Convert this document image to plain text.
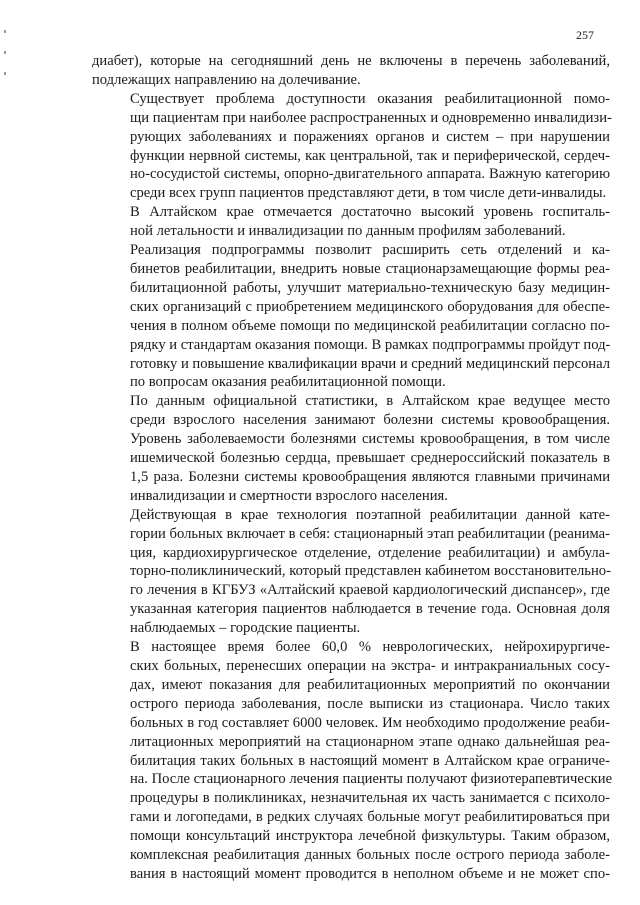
257

диабет), которые на сегодняшний день не включены в перечень заболеваний,
подлежащих направлению на долечивание.

Существует проблема доступности оказания реабилитационной помо-
щи пациентам при наиболее распространенных и одновременно инвалидизи-
рующих заболеваниях и поражениях органов и систем – при нарушении
функции нервной системы, как центральной, так и периферической, сердеч-
но-сосудистой системы, опорно-двигательного аппарата. Важную категорию
среди всех групп пациентов представляют дети, в том числе дети-инвалиды.

В Алтайском крае отмечается достаточно высокий уровень госпиталь-
ной летальности и инвалидизации по данным профилям заболеваний.

Реализация подпрограммы позволит расширить сеть отделений и ка-
бинетов реабилитации, внедрить новые стационарзамещающие формы реа-
билитационной работы, улучшит материально-техническую базу медицин-
ских организаций с приобретением медицинского оборудования для обеспе-
чения в полном объеме помощи по медицинской реабилитации согласно по-
рядку и стандартам оказания помощи. В рамках подпрограммы пройдут под-
готовку и повышение квалификации врачи и средний медицинский персонал
по вопросам оказания реабилитационной помощи.

По данным официальной статистики, в Алтайском крае ведущее место
среди взрослого населения занимают болезни системы кровообращения.
Уровень заболеваемости болезнями системы кровообращения, в том числе
ишемической болезнью сердца, превышает среднероссийский показатель в
1,5 раза. Болезни системы кровообращения являются главными причинами
инвалидизации и смертности взрослого населения.

Действующая в крае технология поэтапной реабилитации данной кате-
гории больных включает в себя: стационарный этап реабилитации (реанима-
ция, кардиохирургическое отделение, отделение реабилитации) и амбула-
торно-поликлинический, который представлен кабинетом восстановительно-
го лечения в КГБУЗ «Алтайский краевой кардиологический диспансер», где
указанная категория пациентов наблюдается в течение года. Основная доля
наблюдаемых – городские пациенты.

В настоящее время более 60,0 % неврологических, нейрохирургиче-
ских больных, перенесших операции на экстра- и интракраниальных сосу-
дах, имеют показания для реабилитационных мероприятий по окончании
острого периода заболевания, после выписки из стационара. Число таких
больных в год составляет 6000 человек. Им необходимо продолжение реаби-
литационных мероприятий на стационарном этапе однако дальнейшая реа-
билитация таких больных в настоящий момент в Алтайском крае ограниче-
на. После стационарного лечения пациенты получают физиотерапевтические
процедуры в поликлиниках, незначительная их часть занимается с психоло-
гами и логопедами, в редких случаях больные могут реабилитироваться при
помощи консультаций инструктора лечебной физкультуры. Таким образом,
комплексная реабилитация данных больных после острого периода заболе-
вания в настоящий момент проводится в неполном объеме и не может спо-
